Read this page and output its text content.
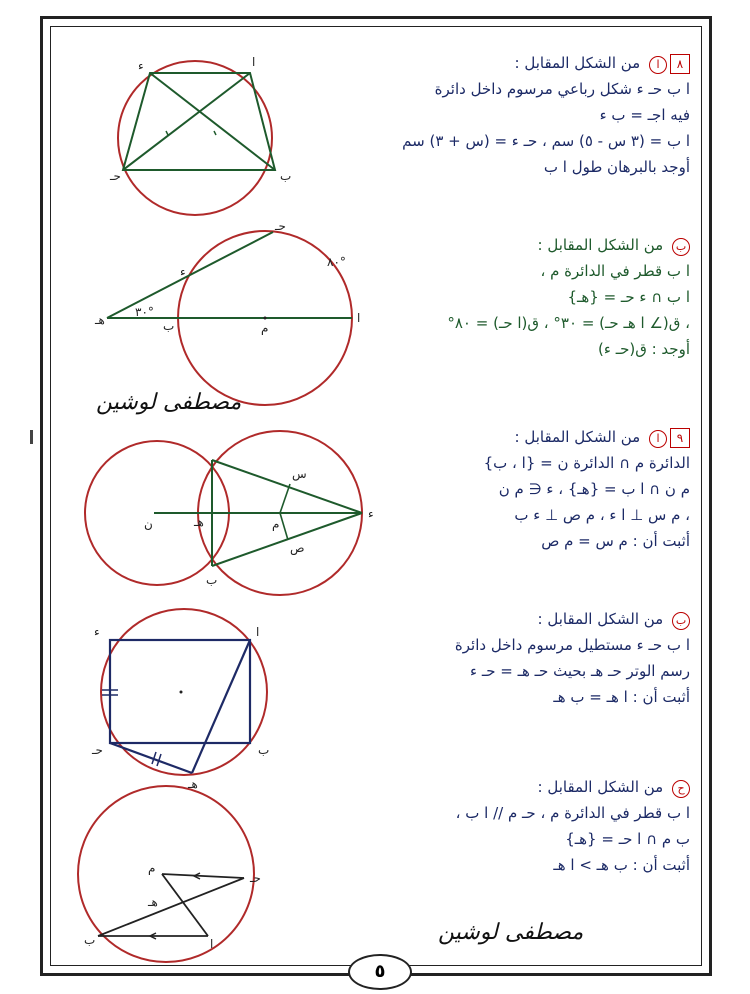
٨ا من الشكل المقابل :
ا ب حـ ء شكل رباعي مرسوم داخل دائرة
فيه اجـ = ب ء
ا ب = (٣ س - ٥) سم ، حـ ء = (س + ٣) سم
أوجد بالبرهان طول ا ب
ء	ا
حـ	ب
ب من الشكل المقابل :
ا ب قطر في الدائرة م ،
ا ب ∩ ء حـ = {هـ}
، ق(∠ ا هـ حـ) = ٣٠° ، ق(ا حـ) = ٨٠°
أوجد : ق(حـ ء)
حـ
ء
هـ	ب	م
ا
٣٠°
٨٠°
مصطفى لوشين
٩ا من الشكل المقابل :
الدائرة م ∩ الدائرة ن = {ا ، ب}
م ن ∩ ا ب = {هـ} ، ء ∈ م ن
، م س ⊥ ا ء ، م ص ⊥ ء ب
أثبت أن : م س = م ص
ن	هـ	م
ء
س
ص
ب
ب من الشكل المقابل :
ا ب حـ ء مستطيل مرسوم داخل دائرة
رسم الوتر حـ هـ بحيث حـ هـ = حـ ء
أثبت أن : ا هـ = ب هـ
ء	ا
حـ	ب
هـ	ح من الشكل المقابل :
ا ب قطر في الدائرة م ، حـ م // ا ب ،
ب م ∩ ا حـ = {هـ}
أثبت أن : ب هـ > ا هـ
م
هـ
حـ
ب	ا	مصطفى لوشين
٥
